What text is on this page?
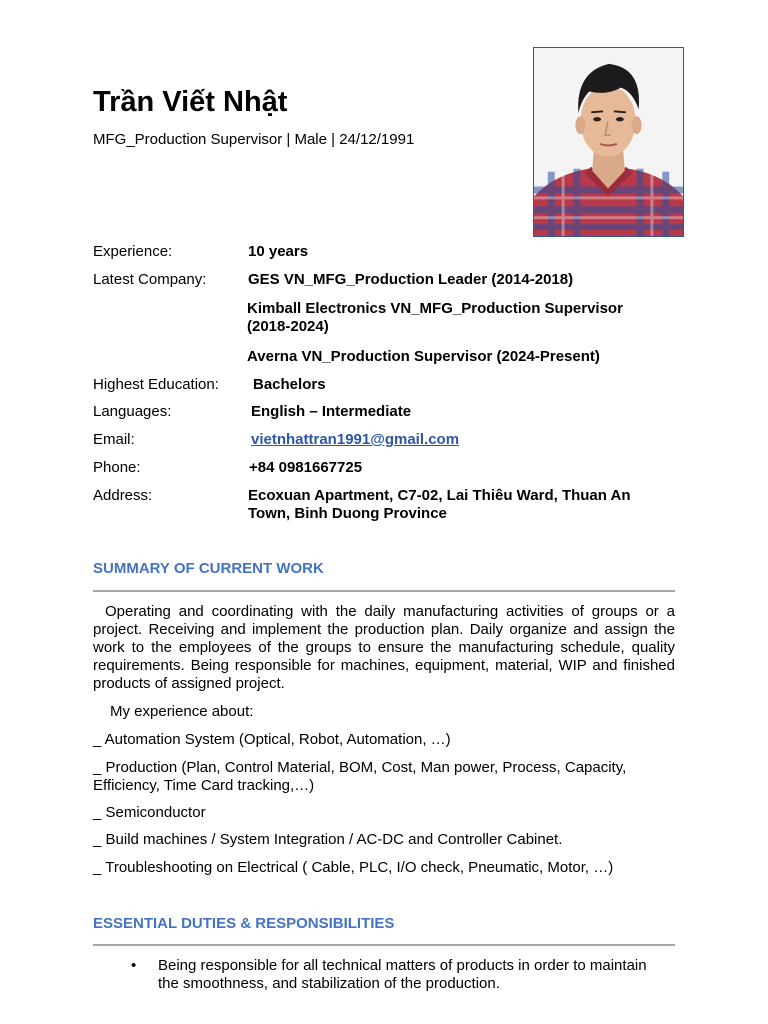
Trần Viết Nhật
MFG_Production Supervisor | Male | 24/12/1991
Experience:	10 years
Latest Company:	GES VN_MFG_Production Leader (2014-2018)
Kimball Electronics VN_MFG_Production Supervisor (2018-2024)
Averna VN_Production Supervisor (2024-Present)
Highest Education: Bachelors
Languages:	English – Intermediate
Email:	vietnhattran1991@gmail.com
Phone:	+84 0981667725
Address:	Ecoxuan Apartment, C7-02, Lai Thiêu Ward, Thuan An Town, Binh Duong Province
SUMMARY OF CURRENT WORK
Operating and coordinating with the daily manufacturing activities of groups or a project. Receiving and implement the production plan. Daily organize and assign the work to the employees of the groups to ensure the manufacturing schedule, quality requirements. Being responsible for machines, equipment, material, WIP and finished products of assigned project.
My experience about:
_ Automation System (Optical, Robot, Automation, …)
_ Production (Plan, Control Material, BOM, Cost, Man power, Process, Capacity, Efficiency, Time Card tracking,…)
_ Semiconductor
_ Build machines / System Integration / AC-DC and Controller Cabinet.
_ Troubleshooting on Electrical ( Cable, PLC, I/O check, Pneumatic, Motor, …)
ESSENTIAL DUTIES & RESPONSIBILITIES
• Being responsible for all technical matters of products in order to maintain the smoothness, and stabilization of the production.
